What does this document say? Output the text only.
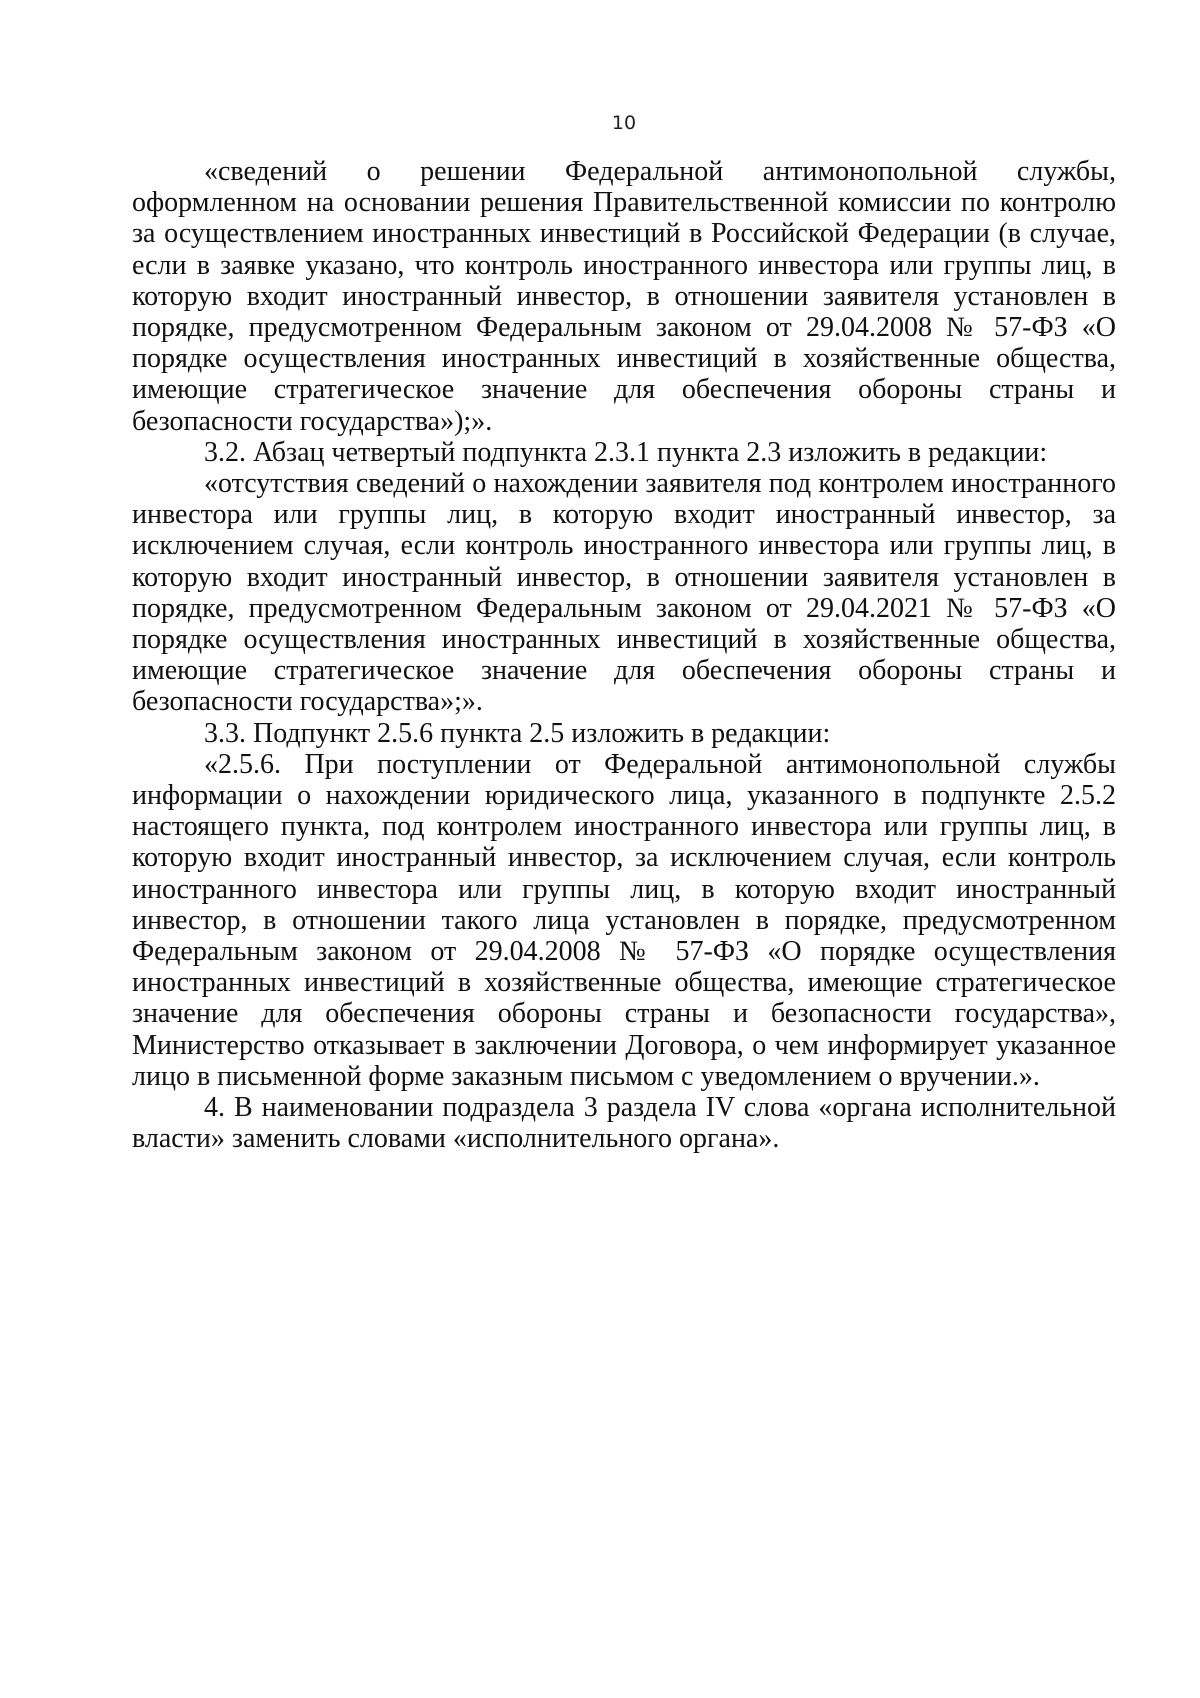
10

«сведений о решении Федеральной антимонопольной службы, оформленном на основании решения Правительственной комиссии по контролю за осуществлением иностранных инвестиций в Российской Федерации (в случае, если в заявке указано, что контроль иностранного инвестора или группы лиц, в которую входит иностранный инвестор, в отношении заявителя установлен в порядке, предусмотренном Федеральным законом от 29.04.2008 № 57-ФЗ «О порядке осуществления иностранных инвестиций в хозяйственные общества, имеющие стратегическое значение для обеспечения обороны страны и безопасности государства»);».

3.2. Абзац четвертый подпункта 2.3.1 пункта 2.3 изложить в редакции:

«отсутствия сведений о нахождении заявителя под контролем иностранного инвестора или группы лиц, в которую входит иностранный инвестор, за исключением случая, если контроль иностранного инвестора или группы лиц, в которую входит иностранный инвестор, в отношении заявителя установлен в порядке, предусмотренном Федеральным законом от 29.04.2021 № 57-ФЗ «О порядке осуществления иностранных инвестиций в хозяйственные общества, имеющие стратегическое значение для обеспечения обороны страны и безопасности государства»;».

3.3. Подпункт 2.5.6 пункта 2.5 изложить в редакции:

«2.5.6. При поступлении от Федеральной антимонопольной службы информации о нахождении юридического лица, указанного в подпункте 2.5.2 настоящего пункта, под контролем иностранного инвестора или группы лиц, в которую входит иностранный инвестор, за исключением случая, если контроль иностранного инвестора или группы лиц, в которую входит иностранный инвестор, в отношении такого лица установлен в порядке, предусмотренном Федеральным законом от 29.04.2008 № 57-ФЗ «О порядке осуществления иностранных инвестиций в хозяйственные общества, имеющие стратегическое значение для обеспечения обороны страны и безопасности государства», Министерство отказывает в заключении Договора, о чем информирует указанное лицо в письменной форме заказным письмом с уведомлением о вручении.».

4. В наименовании подраздела 3 раздела IV слова «органа исполнительной власти» заменить словами «исполнительного органа».
